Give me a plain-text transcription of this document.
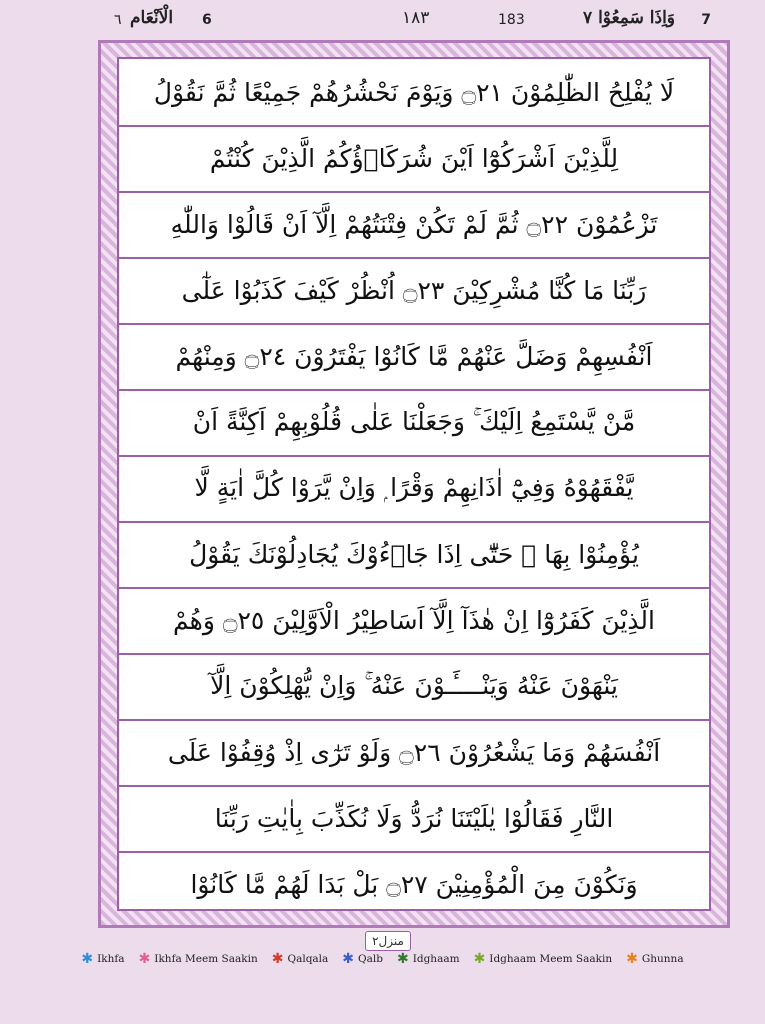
7
وَاِذَا سَمِعُوْا ٧
183
١٨٣
6
الْاَنْعَام
٦
لَا يُفْلِحُ الظّٰلِمُوْنَ ۝٢١ وَيَوْمَ نَحْشُرُهُمْ جَمِيْعًا ثُمَّ نَقُوْلُ
لِلَّذِيْنَ اَشْرَكُوْٓا اَيْنَ شُرَكَاۤؤُكُمُ الَّذِيْنَ كُنْتُمْ
تَزْعُمُوْنَ ۝٢٢ ثُمَّ لَمْ تَكُنْ فِتْنَتُهُمْ اِلَّآ اَنْ قَالُوْا وَاللّٰهِ
رَبِّنَا مَا كُنَّا مُشْرِكِيْنَ ۝٢٣ اُنْظُرْ كَيْفَ كَذَبُوْا عَلٰٓى
اَنْفُسِهِمْ وَضَلَّ عَنْهُمْ مَّا كَانُوْا يَفْتَرُوْنَ ۝٢٤ وَمِنْهُمْ
مَّنْ يَّسْتَمِعُ اِلَيْكَ ۚ وَجَعَلْنَا عَلٰى قُلُوْبِهِمْ اَكِنَّةً اَنْ
يَّفْقَهُوْهُ وَفِيْٓ اٰذَانِهِمْ وَقْرًا ۭ وَاِنْ يَّرَوْا كُلَّ اٰيَةٍ لَّا
يُؤْمِنُوْا بِهَا ۭ حَتّٰٓى اِذَا جَاۤءُوْكَ يُجَادِلُوْنَكَ يَقُوْلُ
الَّذِيْنَ كَفَرُوْٓا اِنْ هٰذَآ اِلَّآ اَسَاطِيْرُ الْاَوَّلِيْنَ ۝٢٥ وَهُمْ
يَنْهَوْنَ عَنْهُ وَيَنْــــَٔـوْنَ عَنْهُ ۚ وَاِنْ يُّهْلِكُوْنَ اِلَّآ
اَنْفُسَهُمْ وَمَا يَشْعُرُوْنَ ۝٢٦ وَلَوْ تَرٰٓى اِذْ وُقِفُوْا عَلَى
النَّارِ فَقَالُوْا يٰلَيْتَنَا نُرَدُّ وَلَا نُكَذِّبَ بِاٰيٰتِ رَبِّنَا
وَنَكُوْنَ مِنَ الْمُؤْمِنِيْنَ ۝٢٧ بَلْ بَدَا لَهُمْ مَّا كَانُوْا
منزل٢
✱ Ikhfa ✱ Ikhfa Meem Saakin ✱ Qalqala ✱ Qalb ✱ Idghaam ✱ Idghaam Meem Saakin ✱ Ghunna
